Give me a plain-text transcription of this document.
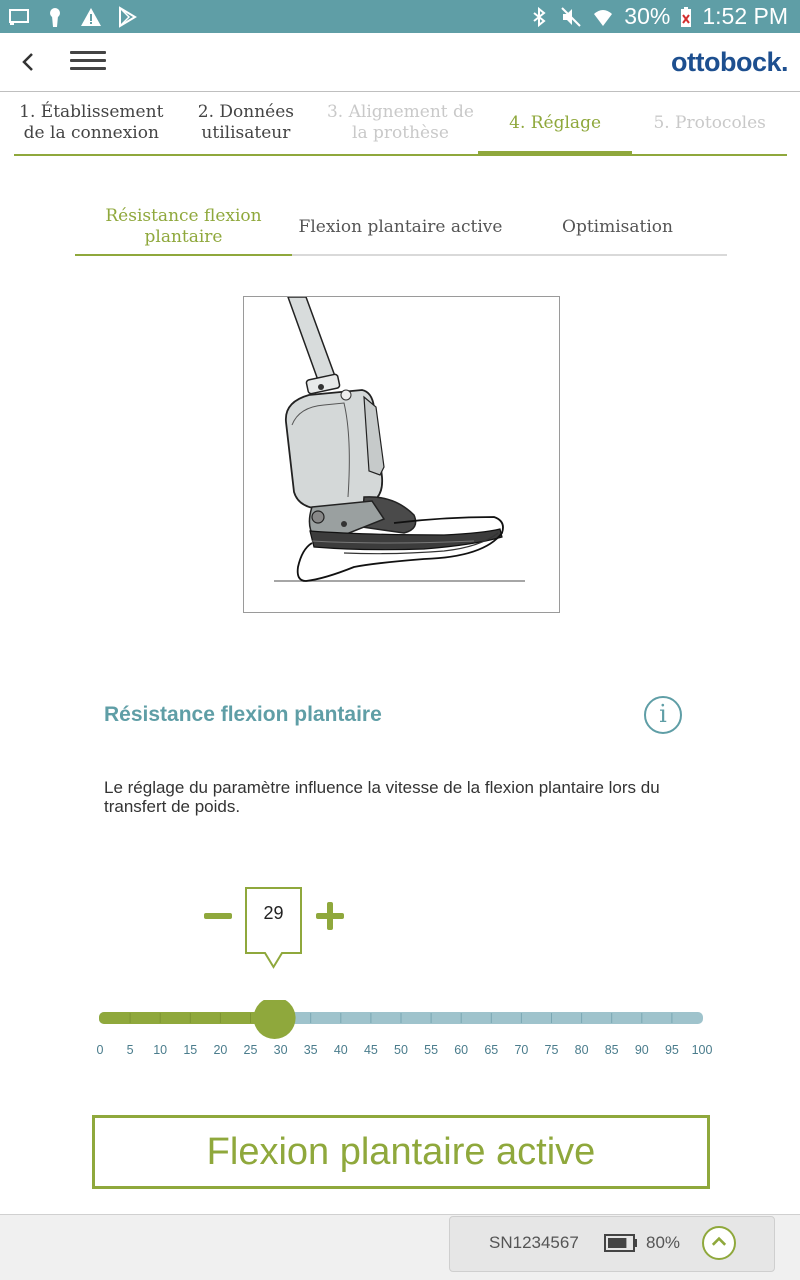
30% 1:52 PM
ottobock.
1. Établissement de la connexion
2. Données utilisateur
3. Alignement de la prothèse
4. Réglage	5. Protocoles
Résistance flexion plantaire
Flexion plantaire active	Optimisation
Résistance flexion plantaire	i
Le réglage du paramètre influence la vitesse de la flexion plantaire lors du transfert de poids.
29
0 5 10 15 20 25 30 35 40 45 50 55 60 65 70 75 80 85 90 95 100
Flexion plantaire active
SN1234567	80%
